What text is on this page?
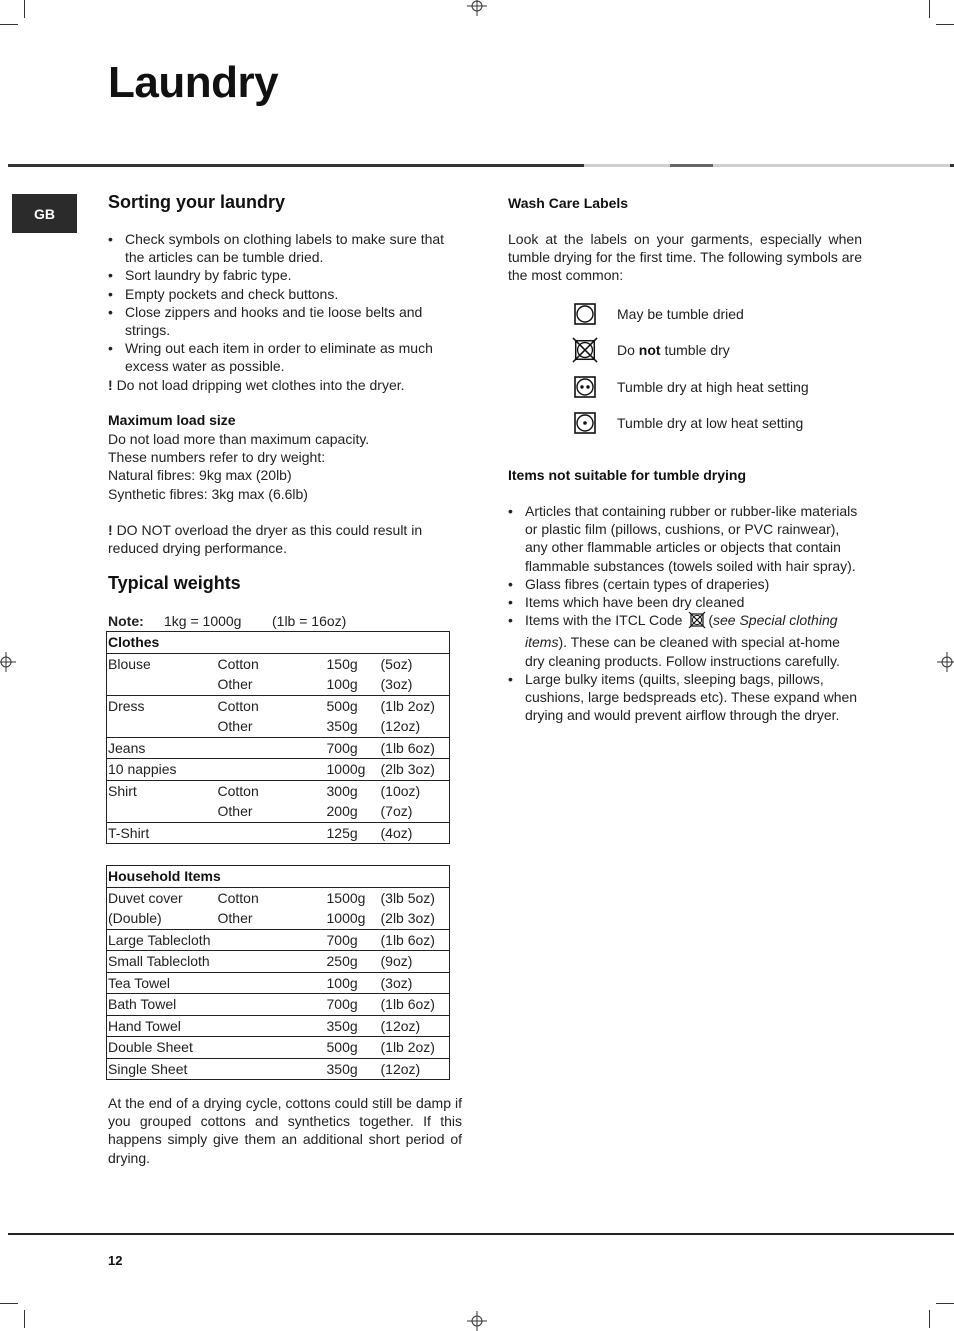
Laundry
GB
Sorting your laundry
• Check symbols on clothing labels to make sure that the articles can be tumble dried.
• Sort laundry by fabric type.
• Empty pockets and check buttons.
• Close zippers and hooks and tie loose belts and strings.
• Wring out each item in order to eliminate as much excess water as possible.
! Do not load dripping wet clothes into the dryer.
Maximum load size
Do not load more than maximum capacity.
These numbers refer to dry weight:
Natural fibres: 9kg max (20lb)
Synthetic fibres: 3kg max (6.6lb)
! DO NOT overload the dryer as this could result in reduced drying performance.
Typical weights
Note: 1kg = 1000g (1lb = 16oz)
Clothes			
Blouse	Cotton	150g	(5oz)
	Other	100g	(3oz)
Dress	Cotton	500g	(1lb 2oz)
	Other	350g	(12oz)
Jeans		700g	(1lb 6oz)
10 nappies		1000g	(2lb 3oz)
Shirt	Cotton	300g	(10oz)
	Other	200g	(7oz)
T-Shirt		125g	(4oz)
Household Items			
Duvet cover	Cotton	1500g	(3lb 5oz)
(Double)	Other	1000g	(2lb 3oz)
Large Tablecloth		700g	(1lb 6oz)
Small Tablecloth		250g	(9oz)
Tea Towel		100g	(3oz)
Bath Towel		700g	(1lb 6oz)
Hand Towel		350g	(12oz)
Double Sheet		500g	(1lb 2oz)
Single Sheet		350g	(12oz)
At the end of a drying cycle, cottons could still be damp if you grouped cottons and synthetics together. If this happens simply give them an additional short period of drying.
Wash Care Labels
Look at the labels on your garments, especially when tumble drying for the first time. The following symbols are the most common:
May be tumble dried
Do not tumble dry
Tumble dry at high heat setting
Tumble dry at low heat setting
Items not suitable for tumble drying
• Articles that containing rubber or rubber-like materials or plastic film (pillows, cushions, or PVC rainwear), any other flammable articles or objects that contain flammable substances (towels soiled with hair spray).
• Glass fibres (certain types of draperies)
• Items which have been dry cleaned
• Items with the ITCL Code (see Special clothing items). These can be cleaned with special at-home dry cleaning products. Follow instructions carefully.
• Large bulky items (quilts, sleeping bags, pillows, cushions, large bedspreads etc). These expand when drying and would prevent airflow through the dryer.
12
